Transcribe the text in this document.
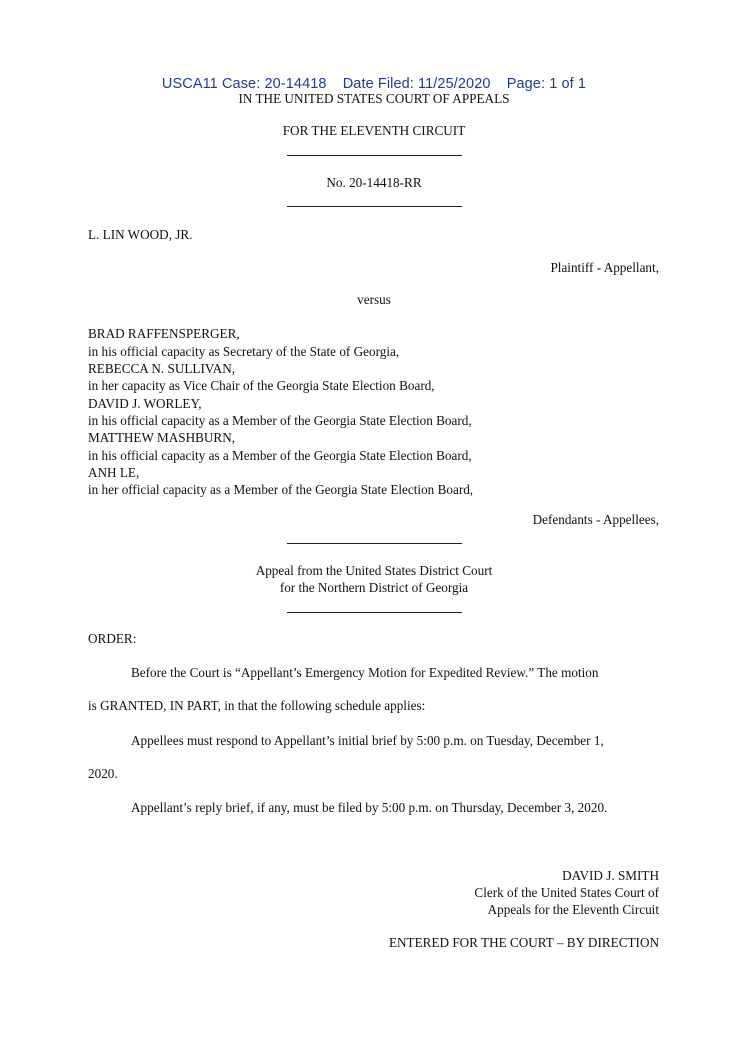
USCA11 Case: 20-14418 Date Filed: 11/25/2020 Page: 1 of 1
IN THE UNITED STATES COURT OF APPEALS
FOR THE ELEVENTH CIRCUIT
No. 20-14418-RR
L. LIN WOOD, JR.
Plaintiff - Appellant,
versus
BRAD RAFFENSPERGER,
in his official capacity as Secretary of the State of Georgia,
REBECCA N. SULLIVAN,
in her capacity as Vice Chair of the Georgia State Election Board,
DAVID J. WORLEY,
in his official capacity as a Member of the Georgia State Election Board,
MATTHEW MASHBURN,
in his official capacity as a Member of the Georgia State Election Board,
ANH LE,
in her official capacity as a Member of the Georgia State Election Board,
Defendants - Appellees,
Appeal from the United States District Court
for the Northern District of Georgia
ORDER:
Before the Court is “Appellant’s Emergency Motion for Expedited Review.” The motion
is GRANTED, IN PART, in that the following schedule applies:
Appellees must respond to Appellant’s initial brief by 5:00 p.m. on Tuesday, December 1,
2020.
Appellant’s reply brief, if any, must be filed by 5:00 p.m. on Thursday, December 3, 2020.
DAVID J. SMITH
Clerk of the United States Court of
Appeals for the Eleventh Circuit
ENTERED FOR THE COURT – BY DIRECTION
